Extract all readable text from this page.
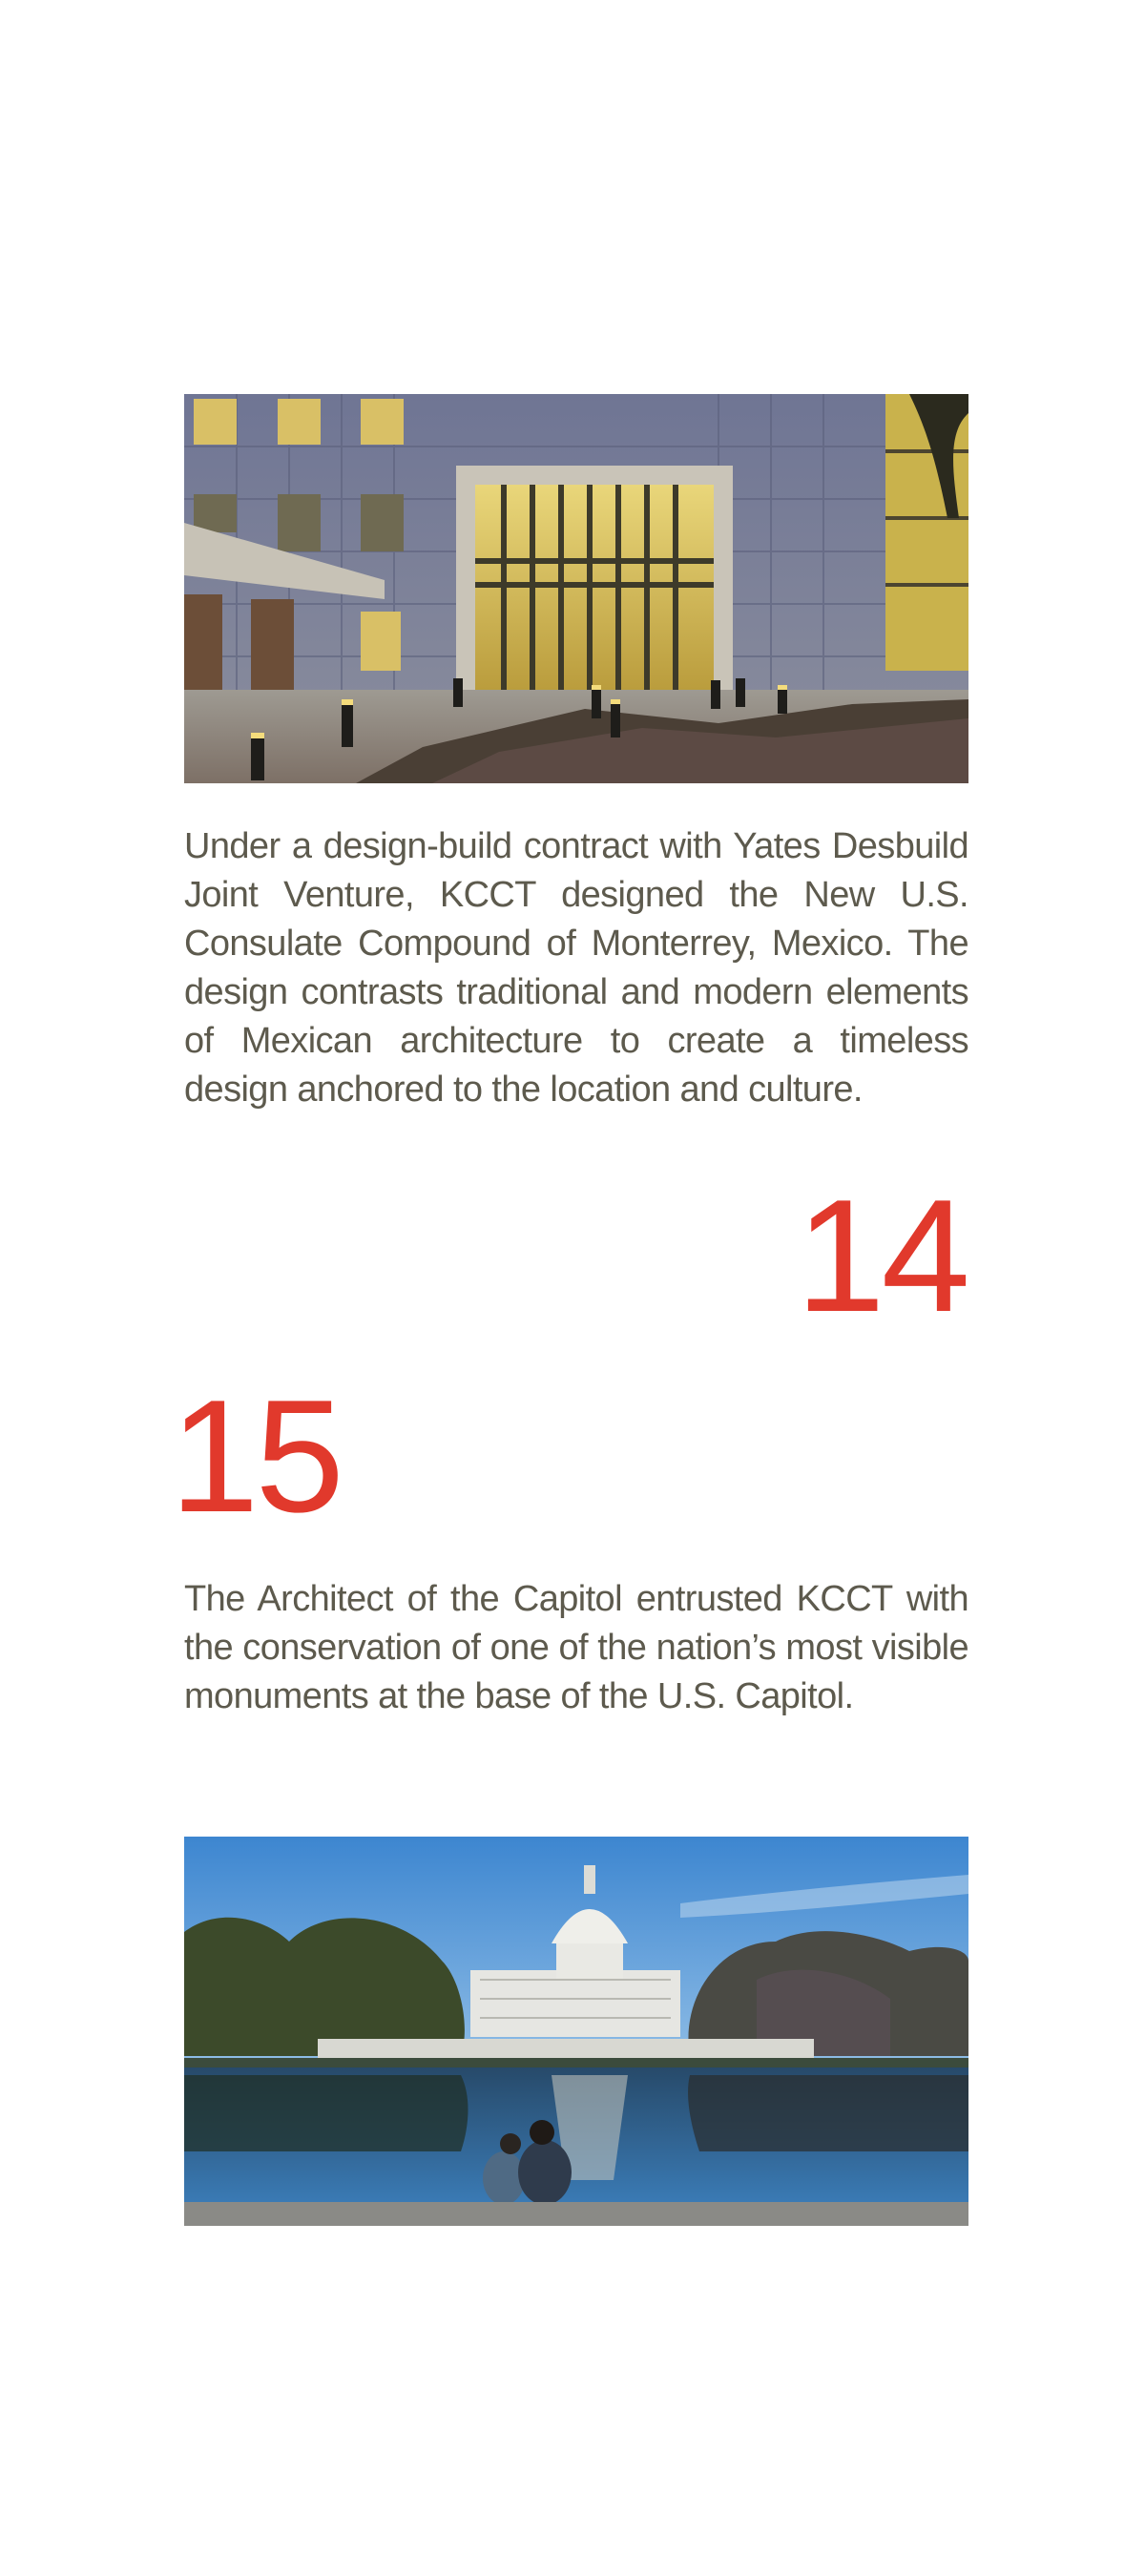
Under a design-build contract with Yates Desbuild Joint Venture, KCCT designed the New U.S. Consulate Compound of Monterrey, Mexico. The design contrasts traditional and modern elements of Mexican architecture to create a timeless design anchored to the location and culture.

14
15

The Architect of the Capitol entrusted KCCT with the conservation of one of the nation’s most visible monuments at the base of the U.S. Capitol.
